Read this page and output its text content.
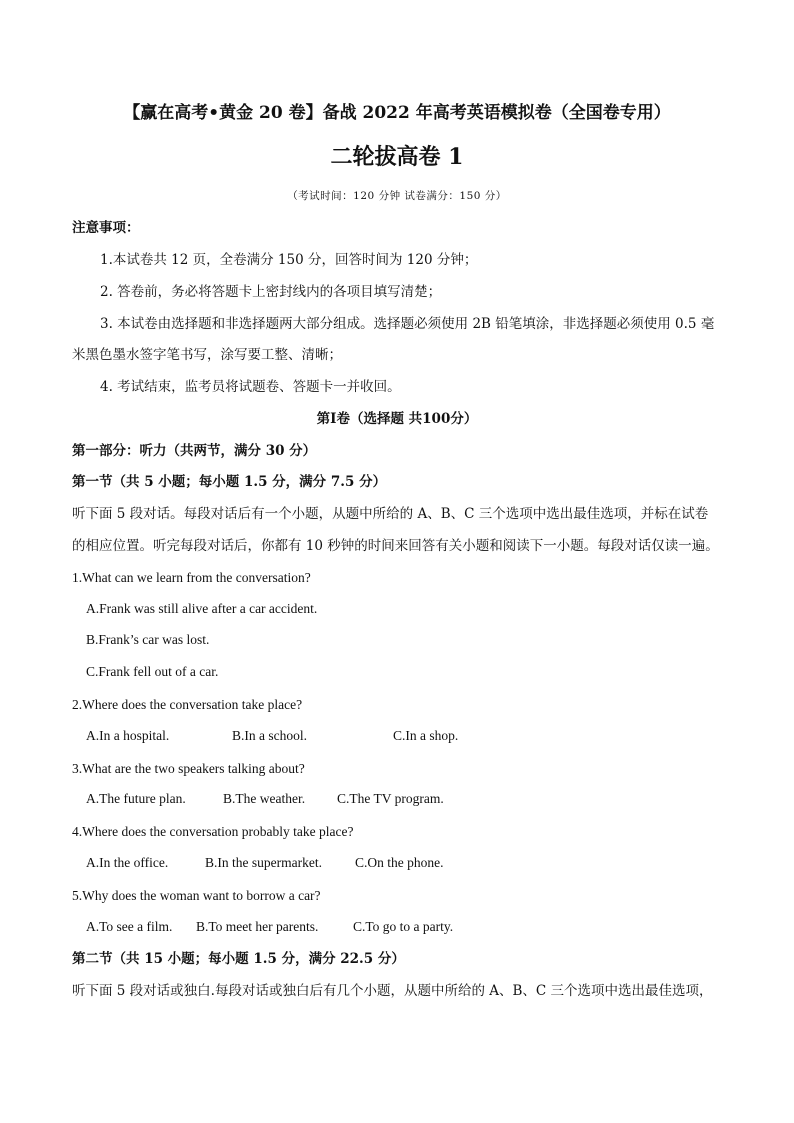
【赢在高考•黄金 20 卷】备战 2022 年高考英语模拟卷（全国卷专用）
二轮拔高卷 1
（考试时间：120 分钟 试卷满分：150 分）
注意事项：
1.本试卷共 12 页，全卷满分 150 分，回答时间为 120 分钟；
2. 答卷前，务必将答题卡上密封线内的各项目填写清楚；
3. 本试卷由选择题和非选择题两大部分组成。选择题必须使用 2B 铅笔填涂，非选择题必须使用 0.5 毫
米黑色墨水签字笔书写，涂写要工整、清晰；
4. 考试结束，监考员将试题卷、答题卡一并收回。
第Ⅰ卷（选择题 共100分）
第一部分：听力（共两节，满分 30 分）
第一节（共 5 小题；每小题 1.5 分，满分 7.5 分）
听下面 5 段对话。每段对话后有一个小题，从题中所给的 A、B、C 三个选项中选出最佳选项，并标在试卷
的相应位置。听完每段对话后，你都有 10 秒钟的时间来回答有关小题和阅读下一小题。每段对话仅读一遍。
1.What can we learn from the conversation?
A.Frank was still alive after a car accident.
B.Frank’s car was lost.
C.Frank fell out of a car.
2.Where does the conversation take place?
A.In a hospital.	B.In a school.	C.In a shop.
3.What are the two speakers talking about?
A.The future plan.	B.The weather. C.The TV program.
4.Where does the conversation probably take place?
A.In the office.	B.In the supermarket. C.On the phone.
5.Why does the woman want to borrow a car?
A.To see a film. B.To meet her parents.	C.To go to a party.
第二节（共 15 小题；每小题 1.5 分，满分 22.5 分）
听下面 5 段对话或独白.每段对话或独白后有几个小题，从题中所给的 A、B、C 三个选项中选出最佳选项，
